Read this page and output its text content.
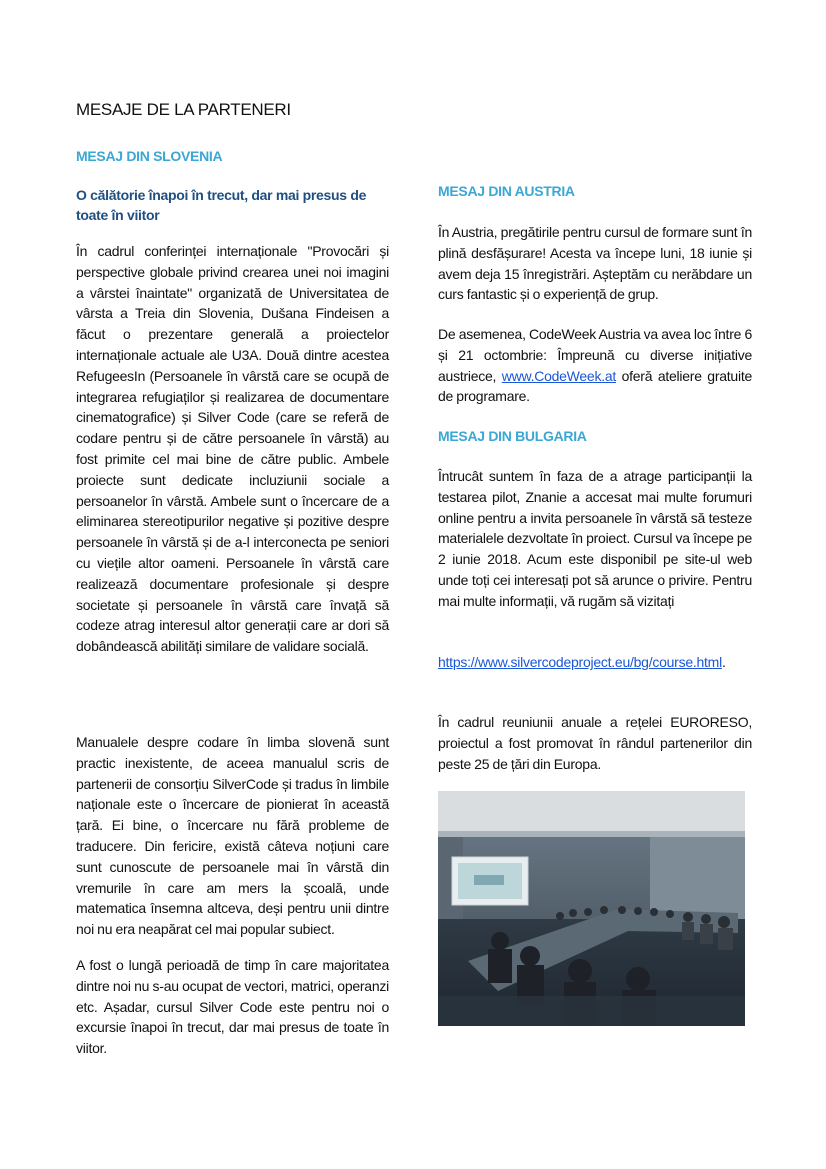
MESAJE DE LA PARTENERI
MESAJ DIN SLOVENIA
O călătorie înapoi în trecut, dar mai presus de toate în viitor

În cadrul conferinței internaționale "Provocări și perspective globale privind crearea unei noi imagini a vârstei înaintate" organizată de Universitatea de vârsta a Treia din Slovenia, Dušana Findeisen a făcut o prezentare generală a proiectelor internaționale actuale ale U3A. Două dintre acestea RefugeesIn (Persoanele în vârstă care se ocupă de integrarea refugiaților și realizarea de documentare cinematografice) și Silver Code (care se referă de codare pentru și de către persoanele în vârstă) au fost primite cel mai bine de către public. Ambele proiecte sunt dedicate incluziunii sociale a persoanelor în vârstă. Ambele sunt o încercare de a eliminarea stereotipurilor negative și pozitive despre persoanele în vârstă și de a-l interconecta pe seniori cu viețile altor oameni. Persoanele în vârstă care realizează documentare profesionale și despre societate și persoanele în vârstă care învață să codeze atrag interesul altor generații care ar dori să dobândească abilități similare de validare socială.

Manualele despre codare în limba slovenă sunt practic inexistente, de aceea manualul scris de partenerii de consorțiu SilverCode și tradus în limbile naționale este o încercare de pionierat în această țară. Ei bine, o încercare nu fără probleme de traducere. Din fericire, există câteva noțiuni care sunt cunoscute de persoanele mai în vârstă din vremurile în care am mers la școală, unde matematica însemna altceva, deși pentru unii dintre noi nu era neapărat cel mai popular subiect.

A fost o lungă perioadă de timp în care majoritatea dintre noi nu s-au ocupat de vectori, matrici, operanzi etc. Așadar, cursul Silver Code este pentru noi o excursie înapoi în trecut, dar mai presus de toate în viitor.

MESAJ DIN AUSTRIA

În Austria, pregătirile pentru cursul de formare sunt în plină desfășurare! Acesta va începe luni, 18 iunie și avem deja 15 înregistrări. Așteptăm cu nerăbdare un curs fantastic și o experiență de grup.

De asemenea, CodeWeek Austria va avea loc între 6 și 21 octombrie: Împreună cu diverse inițiative austriece, www.CodeWeek.at oferă ateliere gratuite de programare.

MESAJ DIN BULGARIA

Întrucât suntem în faza de a atrage participanții la testarea pilot, Znanie a accesat mai multe forumuri online pentru a invita persoanele în vârstă să testeze materialele dezvoltate în proiect. Cursul va începe pe 2 iunie 2018. Acum este disponibil pe site-ul web unde toți cei interesați pot să arunce o privire. Pentru mai multe informații, vă rugăm să vizitați

https://www.silvercodeproject.eu/bg/course.html.

În cadrul reuniunii anuale a rețelei EURORESO, proiectul a fost promovat în rândul partenerilor din peste 25 de țări din Europa.
